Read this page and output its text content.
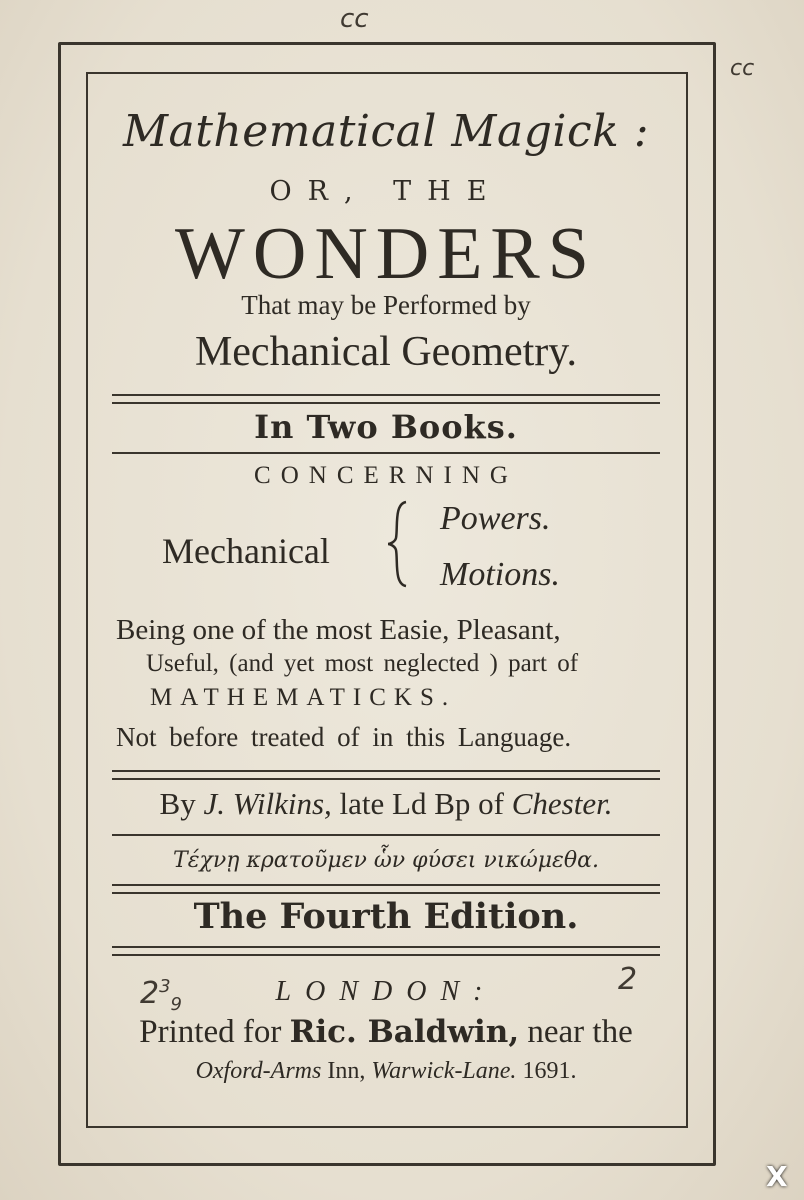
cc
cc
Mathematical Magick :
OR, THE
WONDERS
That may be Performed by
Mechanical Geometry.
In Two Books.
CONCERNING
Mechanical
Powers.
Motions.
Being one of the most Easie, Pleasant,
Useful, (and yet most neglected ) part of
MATHEMATICKS.
Not before treated of in this Language.
By J. Wilkins, late Ld Bp of Chester.
Τέχνῃ κρατοῦμεν ὧν φύσει νικώμεθα.
The Fourth Edition.
$2^3_9$
2
LONDON:
Printed for Ric. Baldwin, near the
Oxford-Arms Inn, Warwick-Lane. 1691.
X
